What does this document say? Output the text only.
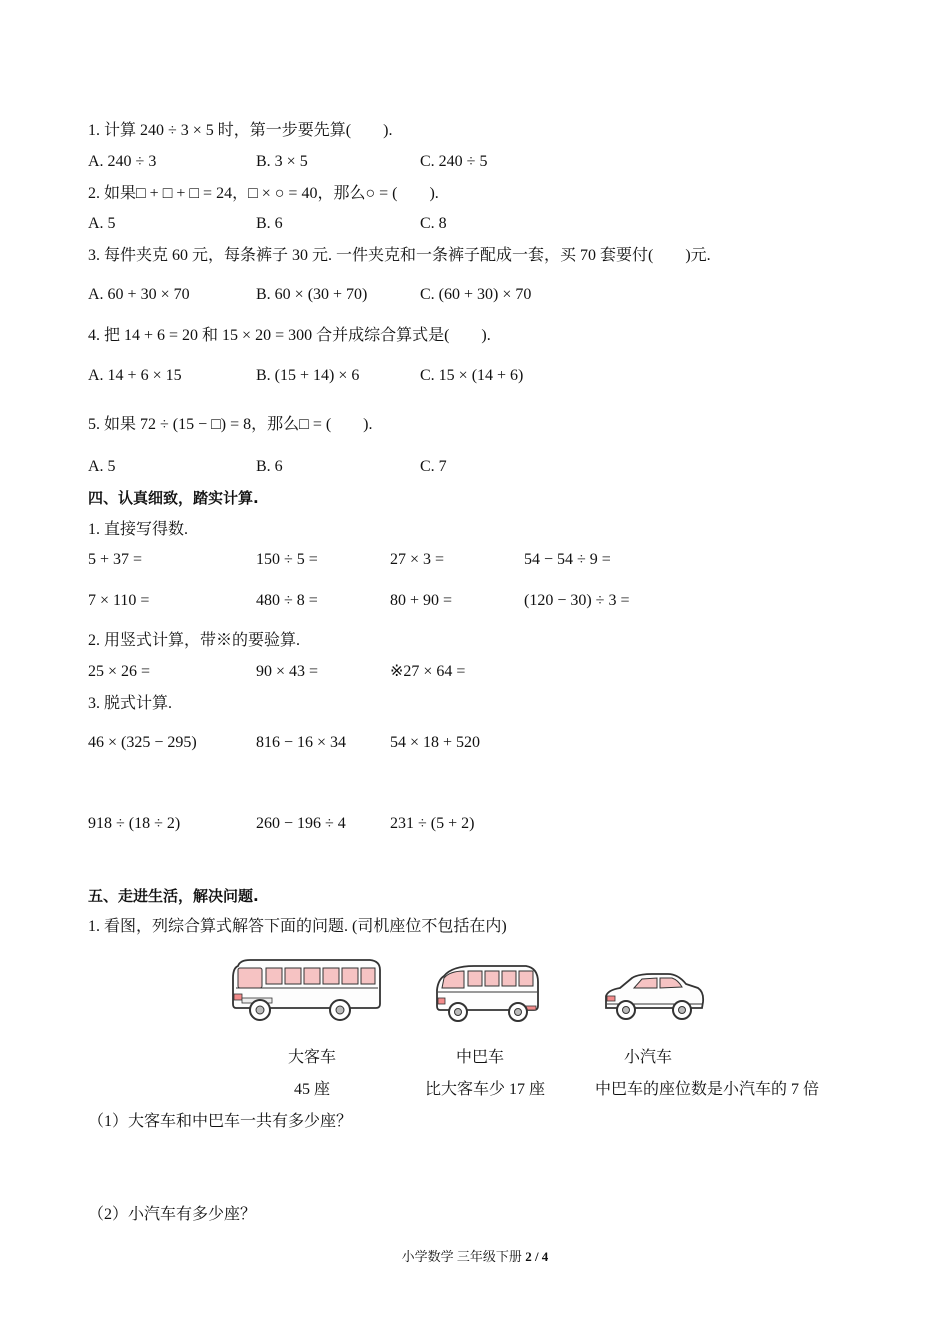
1. 计算 240 ÷ 3 × 5 时，第一步要先算(　　).
A. 240 ÷ 3	B. 3 × 5	C. 240 ÷ 5
2. 如果□ + □ + □ = 24，□ × ○ = 40，那么○ = (　　).
A. 5	B. 6	C. 8
3. 每件夹克 60 元，每条裤子 30 元. 一件夹克和一条裤子配成一套，买 70 套要付(　　)元.
A. 60 + 30 × 70	B. 60 × (30 + 70)	C. (60 + 30) × 70
4. 把 14 + 6 = 20 和 15 × 20 = 300 合并成综合算式是(　　).
A. 14 + 6 × 15	B. (15 + 14) × 6	C. 15 × (14 + 6)
5. 如果 72 ÷ (15 − □) = 8，那么□ = (　　).
A. 5	B. 6	C. 7
四、认真细致，踏实计算.
1. 直接写得数.
5 + 37 =	150 ÷ 5 =	27 × 3 =	54 − 54 ÷ 9 =
7 × 110 =	480 ÷ 8 =	80 + 90 =	(120 − 30) ÷ 3 =
2. 用竖式计算，带※的要验算.
25 × 26 =	90 × 43 =	※27 × 64 =
3. 脱式计算.
46 × (325 − 295)	816 − 16 × 34	54 × 18 + 520
918 ÷ (18 ÷ 2)	260 − 196 ÷ 4	231 ÷ (5 + 2)
五、走进生活，解决问题.
1. 看图，列综合算式解答下面的问题. (司机座位不包括在内)
大客车	中巴车	小汽车
45 座	比大客车少 17 座	中巴车的座位数是小汽车的 7 倍
（1）大客车和中巴车一共有多少座？
（2）小汽车有多少座？
小学数学 三年级下册 2 / 4
